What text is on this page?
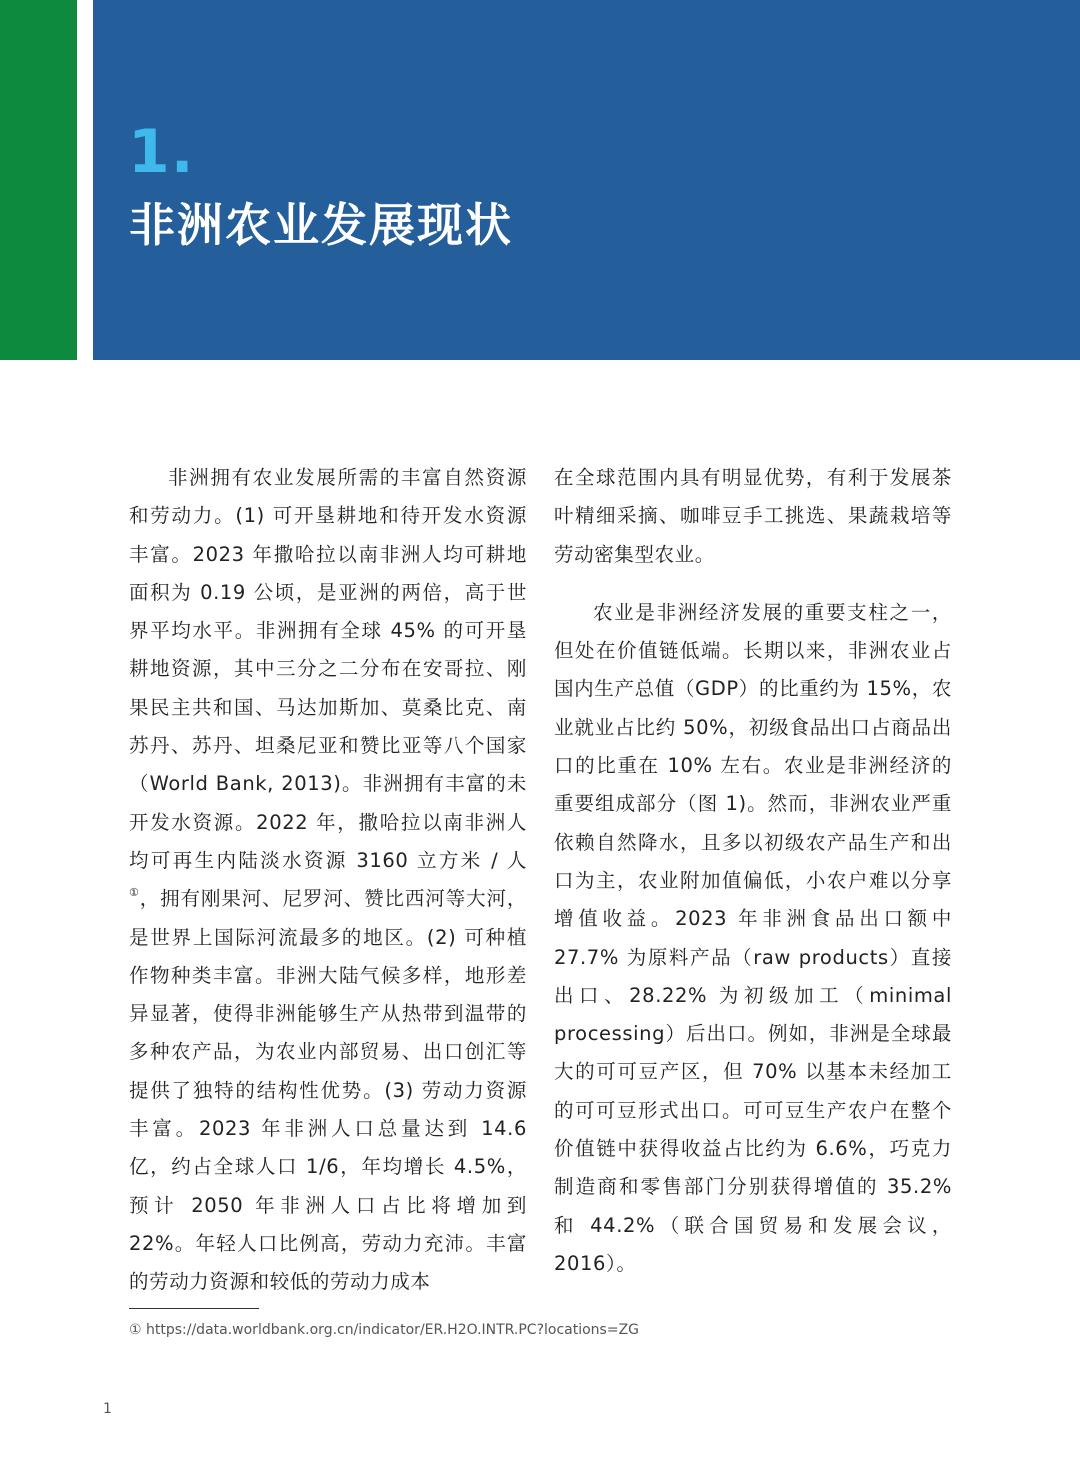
1.
非洲农业发展现状

非洲拥有农业发展所需的丰富自然资源和劳动力。(1) 可开垦耕地和待开发水资源丰富。2023 年撒哈拉以南非洲人均可耕地面积为 0.19 公顷，是亚洲的两倍，高于世界平均水平。非洲拥有全球 45% 的可开垦耕地资源，其中三分之二分布在安哥拉、刚果民主共和国、马达加斯加、莫桑比克、南苏丹、苏丹、坦桑尼亚和赞比亚等八个国家（World Bank, 2013)。非洲拥有丰富的未开发水资源。2022 年，撒哈拉以南非洲人均可再生内陆淡水资源 3160 立方米 / 人①，拥有刚果河、尼罗河、赞比西河等大河，是世界上国际河流最多的地区。(2) 可种植作物种类丰富。非洲大陆气候多样，地形差异显著，使得非洲能够生产从热带到温带的多种农产品，为农业内部贸易、出口创汇等提供了独特的结构性优势。(3) 劳动力资源丰富。2023 年非洲人口总量达到 14.6 亿，约占全球人口 1/6，年均增长 4.5%，预计 2050 年非洲人口占比将增加到 22%。年轻人口比例高，劳动力充沛。丰富的劳动力资源和较低的劳动力成本

在全球范围内具有明显优势，有利于发展茶叶精细采摘、咖啡豆手工挑选、果蔬栽培等劳动密集型农业。

农业是非洲经济发展的重要支柱之一，但处在价值链低端。长期以来，非洲农业占国内生产总值（GDP）的比重约为 15%，农业就业占比约 50%，初级食品出口占商品出口的比重在 10% 左右。农业是非洲经济的重要组成部分（图 1)。然而，非洲农业严重依赖自然降水，且多以初级农产品生产和出口为主，农业附加值偏低，小农户难以分享增值收益。2023 年非洲食品出口额中 27.7% 为原料产品（raw products）直接出口、28.22% 为初级加工（minimal processing）后出口。例如，非洲是全球最大的可可豆产区，但 70% 以基本未经加工的可可豆形式出口。可可豆生产农户在整个价值链中获得收益占比约为 6.6%，巧克力制造商和零售部门分别获得增值的 35.2% 和 44.2%（联合国贸易和发展会议，2016）。

① https://data.worldbank.org.cn/indicator/ER.H2O.INTR.PC?locations=ZG
1
